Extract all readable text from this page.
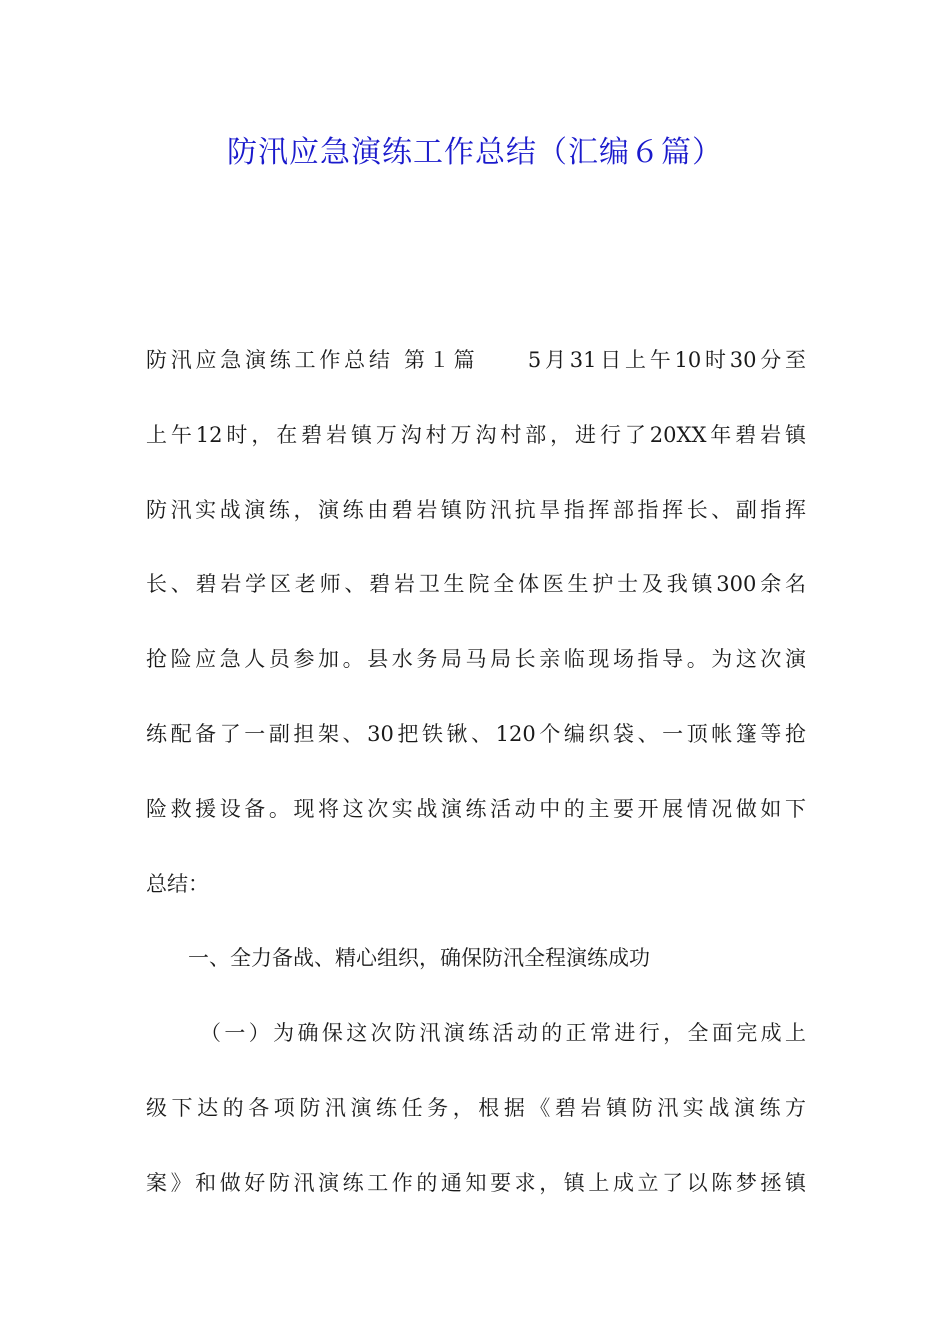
防汛应急演练工作总结（汇编６篇）
防汛应急演练工作总结 第１篇　　5月31日上午10时30分至
上午12时，在碧岩镇万沟村万沟村部，进行了20XX年碧岩镇
防汛实战演练，演练由碧岩镇防汛抗旱指挥部指挥长、副指挥
长、碧岩学区老师、碧岩卫生院全体医生护士及我镇300余名
抢险应急人员参加。县水务局马局长亲临现场指导。为这次演
练配备了一副担架、30把铁锹、120个编织袋、一顶帐篷等抢
险救援设备。现将这次实战演练活动中的主要开展情况做如下
总结：
一、全力备战、精心组织，确保防汛全程演练成功
（一）为确保这次防汛演练活动的正常进行，全面完成上
级下达的各项防汛演练任务，根据《碧岩镇防汛实战演练方
案》和做好防汛演练工作的通知要求，镇上成立了以陈梦拯镇
